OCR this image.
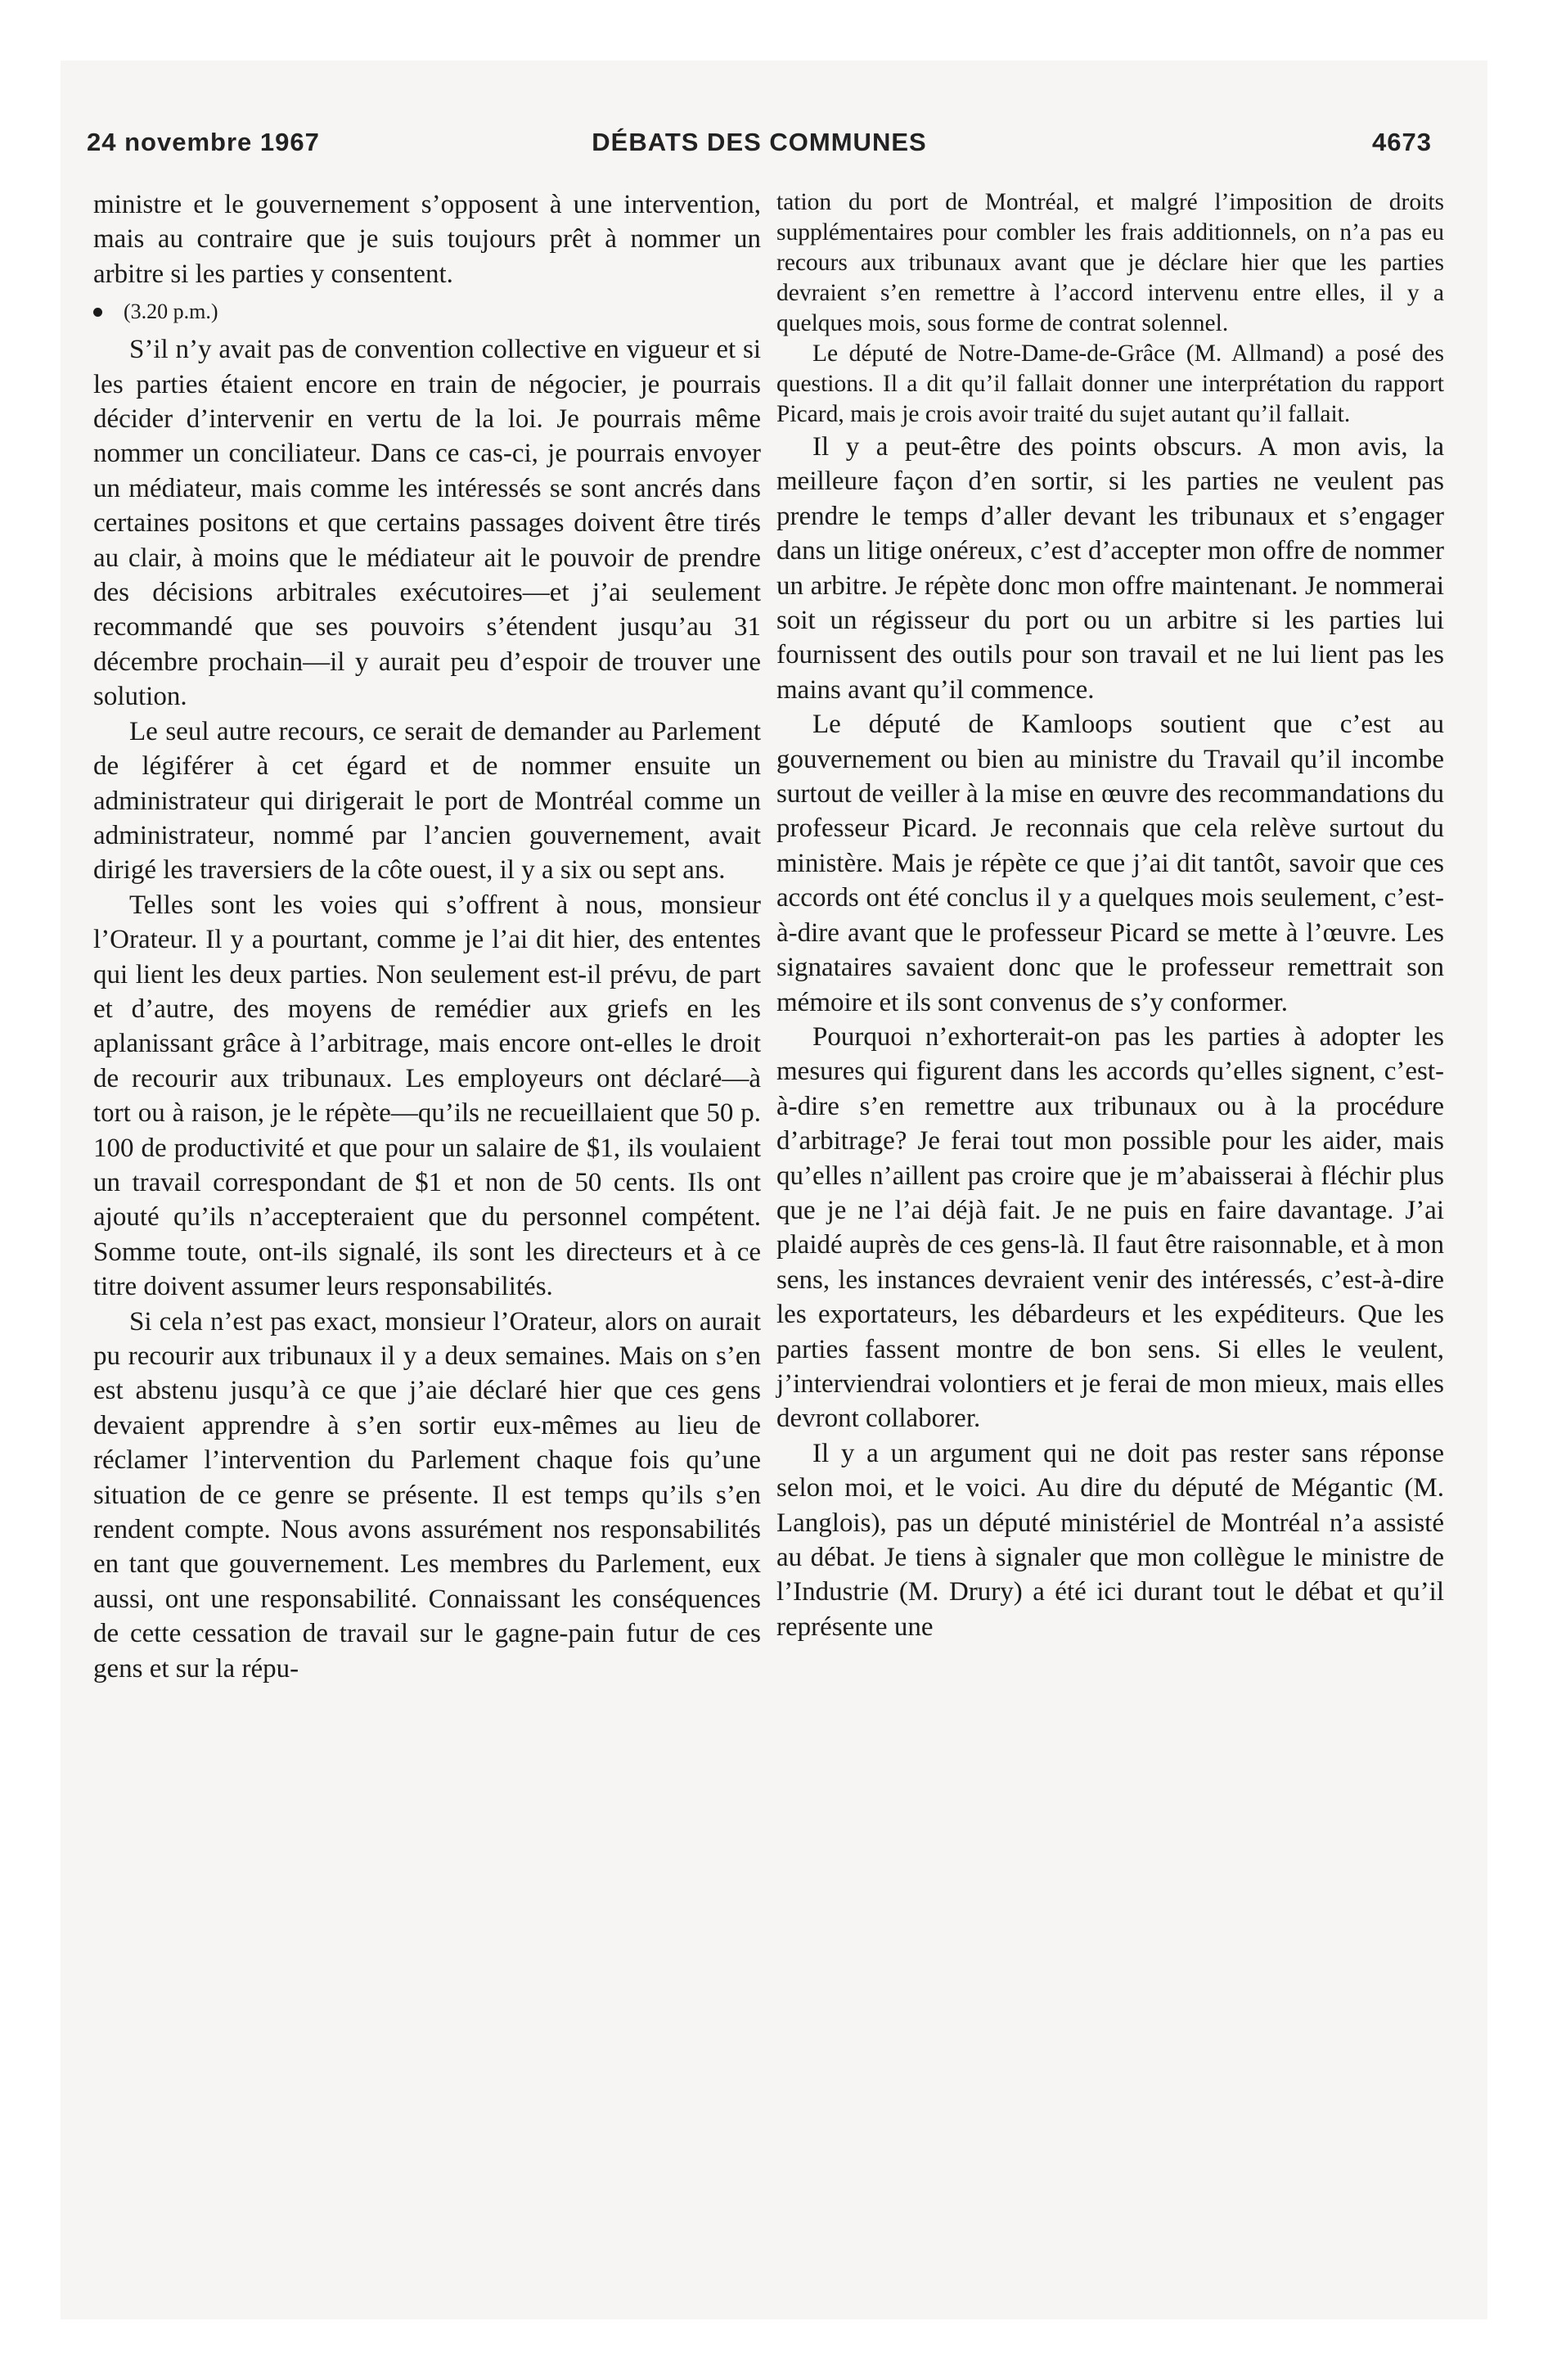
24 novembre 1967	DÉBATS DES COMMUNES	4673

ministre et le gouvernement s’opposent à une intervention, mais au contraire que je suis toujours prêt à nommer un arbitre si les parties y consentent.

(3.20 p.m.)

S’il n’y avait pas de convention collective en vigueur et si les parties étaient encore en train de négocier, je pourrais décider d’intervenir en vertu de la loi. Je pourrais même nommer un conciliateur. Dans ce cas-ci, je pourrais envoyer un médiateur, mais comme les intéressés se sont ancrés dans certaines positons et que certains passages doivent être tirés au clair, à moins que le médiateur ait le pouvoir de prendre des décisions arbitrales exécutoires—et j’ai seulement recommandé que ses pouvoirs s’étendent jusqu’au 31 décembre prochain—il y aurait peu d’espoir de trouver une solution.

Le seul autre recours, ce serait de demander au Parlement de légiférer à cet égard et de nommer ensuite un administrateur qui dirigerait le port de Montréal comme un administrateur, nommé par l’ancien gouvernement, avait dirigé les traversiers de la côte ouest, il y a six ou sept ans.

Telles sont les voies qui s’offrent à nous, monsieur l’Orateur. Il y a pourtant, comme je l’ai dit hier, des ententes qui lient les deux parties. Non seulement est-il prévu, de part et d’autre, des moyens de remédier aux griefs en les aplanissant grâce à l’arbitrage, mais encore ont-elles le droit de recourir aux tribunaux. Les employeurs ont déclaré—à tort ou à raison, je le répète—qu’ils ne recueillaient que 50 p. 100 de productivité et que pour un salaire de $1, ils voulaient un travail correspondant de $1 et non de 50 cents. Ils ont ajouté qu’ils n’accepteraient que du personnel compétent. Somme toute, ont-ils signalé, ils sont les directeurs et à ce titre doivent assumer leurs responsabilités.

Si cela n’est pas exact, monsieur l’Orateur, alors on aurait pu recourir aux tribunaux il y a deux semaines. Mais on s’en est abstenu jusqu’à ce que j’aie déclaré hier que ces gens devaient apprendre à s’en sortir eux-mêmes au lieu de réclamer l’intervention du Parlement chaque fois qu’une situation de ce genre se présente. Il est temps qu’ils s’en rendent compte. Nous avons assurément nos responsabilités en tant que gouvernement. Les membres du Parlement, eux aussi, ont une responsabilité. Connaissant les conséquences de cette cessation de travail sur le gagne-pain futur de ces gens et sur la répu-

tation du port de Montréal, et malgré l’imposition de droits supplémentaires pour combler les frais additionnels, on n’a pas eu recours aux tribunaux avant que je déclare hier que les parties devraient s’en remettre à l’accord intervenu entre elles, il y a quelques mois, sous forme de contrat solennel.

Le député de Notre-Dame-de-Grâce (M. Allmand) a posé des questions. Il a dit qu’il fallait donner une interprétation du rapport Picard, mais je crois avoir traité du sujet autant qu’il fallait.

Il y a peut-être des points obscurs. A mon avis, la meilleure façon d’en sortir, si les parties ne veulent pas prendre le temps d’aller devant les tribunaux et s’engager dans un litige onéreux, c’est d’accepter mon offre de nommer un arbitre. Je répète donc mon offre maintenant. Je nommerai soit un régisseur du port ou un arbitre si les parties lui fournissent des outils pour son travail et ne lui lient pas les mains avant qu’il commence.

Le député de Kamloops soutient que c’est au gouvernement ou bien au ministre du Travail qu’il incombe surtout de veiller à la mise en œuvre des recommandations du professeur Picard. Je reconnais que cela relève surtout du ministère. Mais je répète ce que j’ai dit tantôt, savoir que ces accords ont été conclus il y a quelques mois seulement, c’est-à-dire avant que le professeur Picard se mette à l’œuvre. Les signataires savaient donc que le professeur remettrait son mémoire et ils sont convenus de s’y conformer.

Pourquoi n’exhorterait-on pas les parties à adopter les mesures qui figurent dans les accords qu’elles signent, c’est-à-dire s’en remettre aux tribunaux ou à la procédure d’arbitrage? Je ferai tout mon possible pour les aider, mais qu’elles n’aillent pas croire que je m’abaisserai à fléchir plus que je ne l’ai déjà fait. Je ne puis en faire davantage. J’ai plaidé auprès de ces gens-là. Il faut être raisonnable, et à mon sens, les instances devraient venir des intéressés, c’est-à-dire les exportateurs, les débardeurs et les expéditeurs. Que les parties fassent montre de bon sens. Si elles le veulent, j’interviendrai volontiers et je ferai de mon mieux, mais elles devront collaborer.

Il y a un argument qui ne doit pas rester sans réponse selon moi, et le voici. Au dire du député de Mégantic (M. Langlois), pas un député ministériel de Montréal n’a assisté au débat. Je tiens à signaler que mon collègue le ministre de l’Industrie (M. Drury) a été ici durant tout le débat et qu’il représente une
